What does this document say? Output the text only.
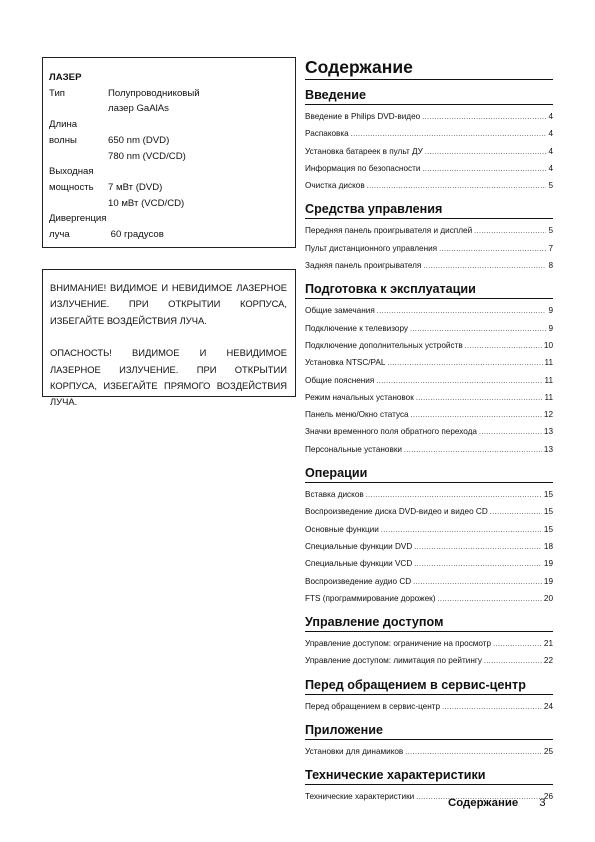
ЛАЗЕР
Тип	Полупроводниковый
лазер GaAlAs
Длина
волны	650 nm (DVD)
780 nm (VCD/CD)
Выходная
мощность	7 мВт (DVD)
10 мВт (VCD/CD)
Дивергенция
луча	60 градусов

ВНИМАНИЕ! ВИДИМОЕ И НЕВИДИМОЕ ЛАЗЕРНОЕ ИЗЛУЧЕНИЕ. ПРИ ОТКРЫТИИ КОРПУСА, ИЗБЕГАЙТЕ ВОЗДЕЙСТВИЯ ЛУЧА.

ОПАСНОСТЬ! ВИДИМОЕ И НЕВИДИМОЕ ЛАЗЕРНОЕ ИЗЛУЧЕНИЕ. ПРИ ОТКРЫТИИ КОРПУСА, ИЗБЕГАЙТЕ ПРЯМОГО ВОЗДЕЙСТВИЯ ЛУЧА.

Содержание
Введение
Введение в Philips DVD-видео .....	4
Распаковка .....	4
Установка батареек в пульт ДУ .....	4
Информация по безопасности .....	4
Очистка дисков .....	5
Средства управления
Передняя панель проигрывателя и дисплей .....	5
Пульт дистанционного управления .....	7
Задняя панель проигрывателя .....	8
Подготовка к эксплуатации
Общие замечания .....	9
Подключение к телевизору .....	9
Подключение дополнительных устройств .....	10
Установка NTSC/PAL .....	11
Общие пояснения .....	11
Режим начальных установок .....	11
Панель меню/Окно статуса .....	12
Значки временного поля обратного перехода .....	13
Персональные установки .....	13
Операции
Вставка дисков .....	15
Воспроизведение диска DVD-видео и видео CD .....	15
Основные функции .....	15
Специальные функции DVD .....	18
Специальные функции VCD .....	19
Воспроизведение аудио CD .....	19
FTS (программирование дорожек) .....	20
Управление доступом
Управление доступом: ограничение на просмотр .....	21
Управление доступом: лимитация по рейтингу .....	22
Перед обращением в сервис-центр
Перед обращением в сервис-центр .....	24
Приложение
Установки для динамиков .....	25
Технические характеристики
Технические характеристики .....	26
Содержание 3
